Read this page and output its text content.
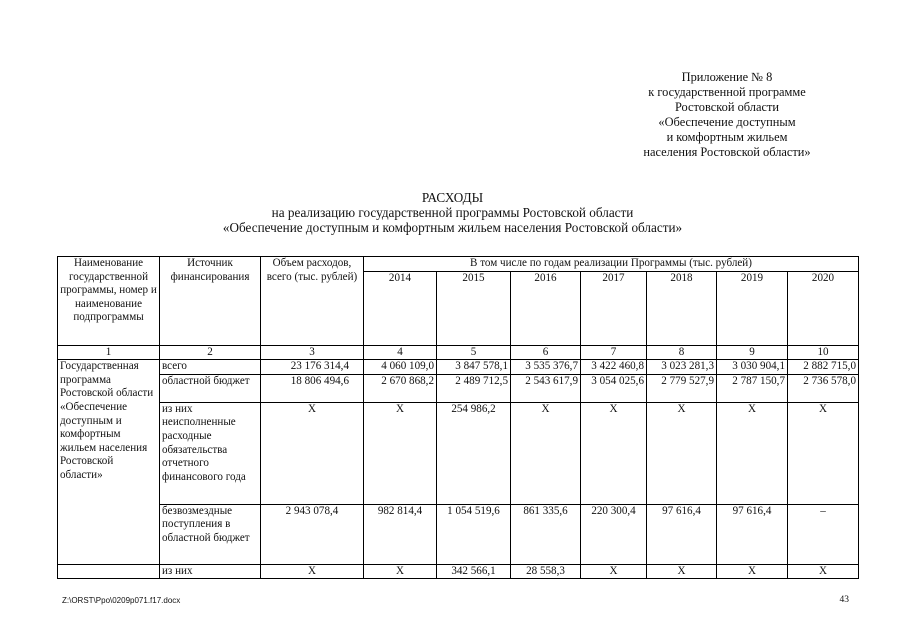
Приложение № 8
к государственной программе
Ростовской области
«Обеспечение доступным
и комфортным жильем
населения Ростовской области»
РАСХОДЫ
на реализацию государственной программы Ростовской области
«Обеспечение доступным и комфортным жильем населения Ростовской области»
Наименование государственной программы, номер и наименование подпрограммы	Источник финансирования	Объем расходов, всего (тыс. рублей)	В том числе по годам реализации Программы (тыс. рублей)						
			2014	2015	2016	2017	2018	2019	2020
1	2	3	4	5	6	7	8	9	10
Государственная программа Ростовской области «Обеспечение доступным и комфортным жильем населения Ростовской области»	всего	23 176 314,4	4 060 109,0	3 847 578,1	3 535 376,7	3 422 460,8	3 023 281,3	3 030 904,1	2 882 715,0
	областной бюджет	18 806 494,6	2 670 868,2	2 489 712,5	2 543 617,9	3 054 025,6	2 779 527,9	2 787 150,7	2 736 578,0
	из них неисполненные расходные обязательства отчетного финансового года	Х	Х	254 986,2	Х	Х	Х	Х	Х
	безвозмездные поступления в областной бюджет	2 943 078,4	982 814,4	1 054 519,6	861 335,6	220 300,4	97 616,4	97 616,4	–
	из них	Х	Х	342 566,1	28 558,3	Х	Х	Х	Х
Z:\ORST\Ppo\0209p071.f17.docx	43
